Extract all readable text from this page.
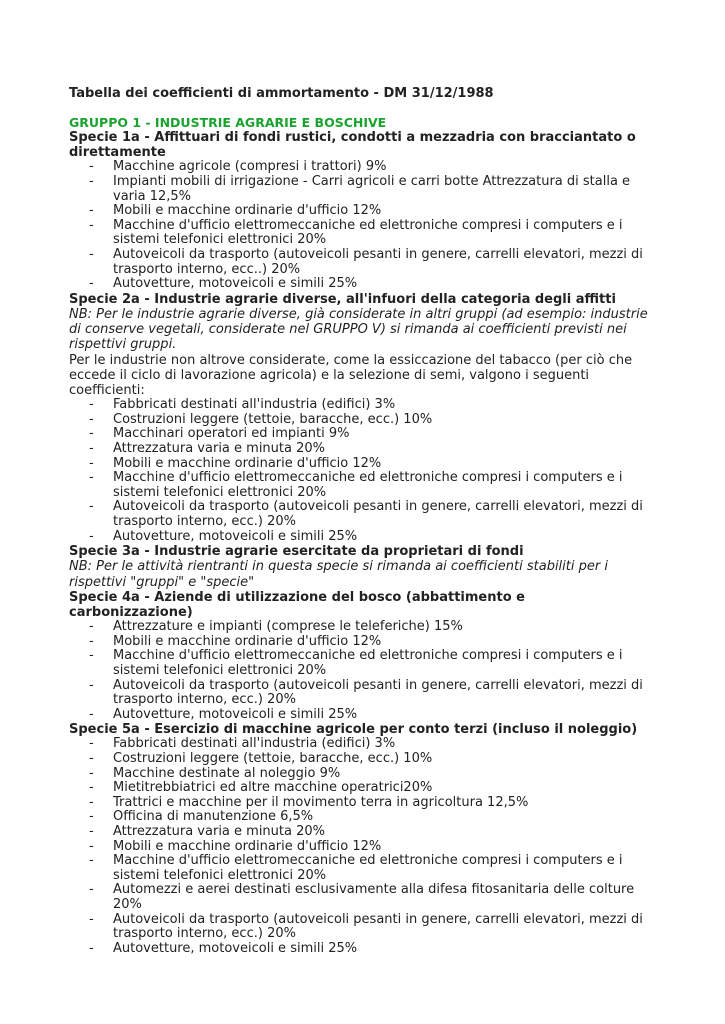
Tabella dei coefficienti di ammortamento - DM 31/12/1988

GRUPPO 1 - INDUSTRIE AGRARIE E BOSCHIVE

Specie 1a - Affittuari di fondi rustici, condotti a mezzadria con bracciantato o direttamente

- Macchine agricole (compresi i trattori) 9%
- Impianti mobili di irrigazione - Carri agricoli e carri botte Attrezzatura di stalla e varia 12,5%
- Mobili e macchine ordinarie d'ufficio 12%
- Macchine d'ufficio elettromeccaniche ed elettroniche compresi i computers e i sistemi telefonici elettronici 20%
- Autoveicoli da trasporto (autoveicoli pesanti in genere, carrelli elevatori, mezzi di trasporto interno, ecc..) 20%
- Autovetture, motoveicoli e simili 25%

Specie 2a - Industrie agrarie diverse, all'infuori della categoria degli affitti

NB: Per le industrie agrarie diverse, già considerate in altri gruppi (ad esempio: industrie di conserve vegetali, considerate nel GRUPPO V) si rimanda ai coefficienti previsti nei rispettivi gruppi.

Per le industrie non altrove considerate, come la essiccazione del tabacco (per ciò che eccede il ciclo di lavorazione agricola) e la selezione di semi, valgono i seguenti coefficienti:

- Fabbricati destinati all'industria (edifici) 3%
- Costruzioni leggere (tettoie, baracche, ecc.) 10%
- Macchinari operatori ed impianti 9%
- Attrezzatura varia e minuta 20%
- Mobili e macchine ordinarie d'ufficio 12%
- Macchine d'ufficio elettromeccaniche ed elettroniche compresi i computers e i sistemi telefonici elettronici 20%
- Autoveicoli da trasporto (autoveicoli pesanti in genere, carrelli elevatori, mezzi di trasporto interno, ecc.) 20%
- Autovetture, motoveicoli e simili 25%

Specie 3a - Industrie agrarie esercitate da proprietari di fondi

NB: Per le attività rientranti in questa specie si rimanda ai coefficienti stabiliti per i rispettivi "gruppi" e "specie"

Specie 4a - Aziende di utilizzazione del bosco (abbattimento e carbonizzazione)

- Attrezzature e impianti (comprese le teleferiche) 15%
- Mobili e macchine ordinarie d'ufficio 12%
- Macchine d'ufficio elettromeccaniche ed elettroniche compresi i computers e i sistemi telefonici elettronici 20%
- Autoveicoli da trasporto (autoveicoli pesanti in genere, carrelli elevatori, mezzi di trasporto interno, ecc.) 20%
- Autovetture, motoveicoli e simili 25%

Specie 5a - Esercizio di macchine agricole per conto terzi (incluso il noleggio)

- Fabbricati destinati all'industria (edifici) 3%
- Costruzioni leggere (tettoie, baracche, ecc.) 10%
- Macchine destinate al noleggio 9%
- Mietitrebbiatrici ed altre macchine operatrici20%
- Trattrici e macchine per il movimento terra in agricoltura 12,5%
- Officina di manutenzione 6,5%
- Attrezzatura varia e minuta 20%
- Mobili e macchine ordinarie d'ufficio 12%
- Macchine d'ufficio elettromeccaniche ed elettroniche compresi i computers e i sistemi telefonici elettronici 20%
- Automezzi e aerei destinati esclusivamente alla difesa fitosanitaria delle colture 20%
- Autoveicoli da trasporto (autoveicoli pesanti in genere, carrelli elevatori, mezzi di trasporto interno, ecc.) 20%
- Autovetture, motoveicoli e simili 25%
